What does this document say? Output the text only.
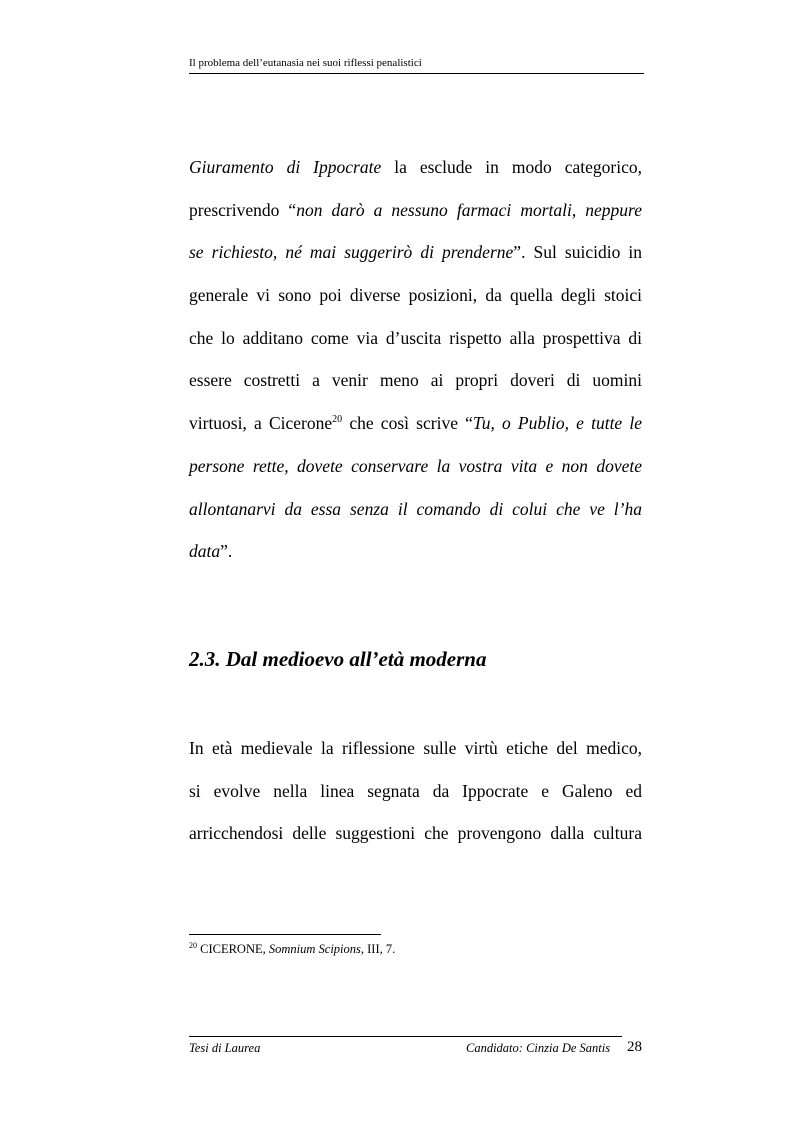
Il problema dell’eutanasia nei suoi riflessi penalistici
Giuramento di Ippocrate la esclude in modo categorico,
prescrivendo “non darò a nessuno farmaci mortali, neppure
se richiesto, né mai suggerirò di prenderne”. Sul suicidio in
generale vi sono poi diverse posizioni, da quella degli stoici
che lo additano come via d’uscita rispetto alla prospettiva di
essere costretti a venir meno ai propri doveri di uomini
virtuosi, a Cicerone$^{20}$ che così scrive “Tu, o Publio, e tutte le
persone rette, dovete conservare la vostra vita e non dovete
allontanarvi da essa senza il comando di colui che ve l’ha
data”.
2.3. Dal medioevo all’età moderna
In età medievale la riflessione sulle virtù etiche del medico,
si evolve nella linea segnata da Ippocrate e Galeno ed
arricchendosi delle suggestioni che provengono dalla cultura
$^{20}$ CICERONE, Somnium Scipions, III, 7.
Tesi di Laurea	Candidato: Cinzia De Santis 28
